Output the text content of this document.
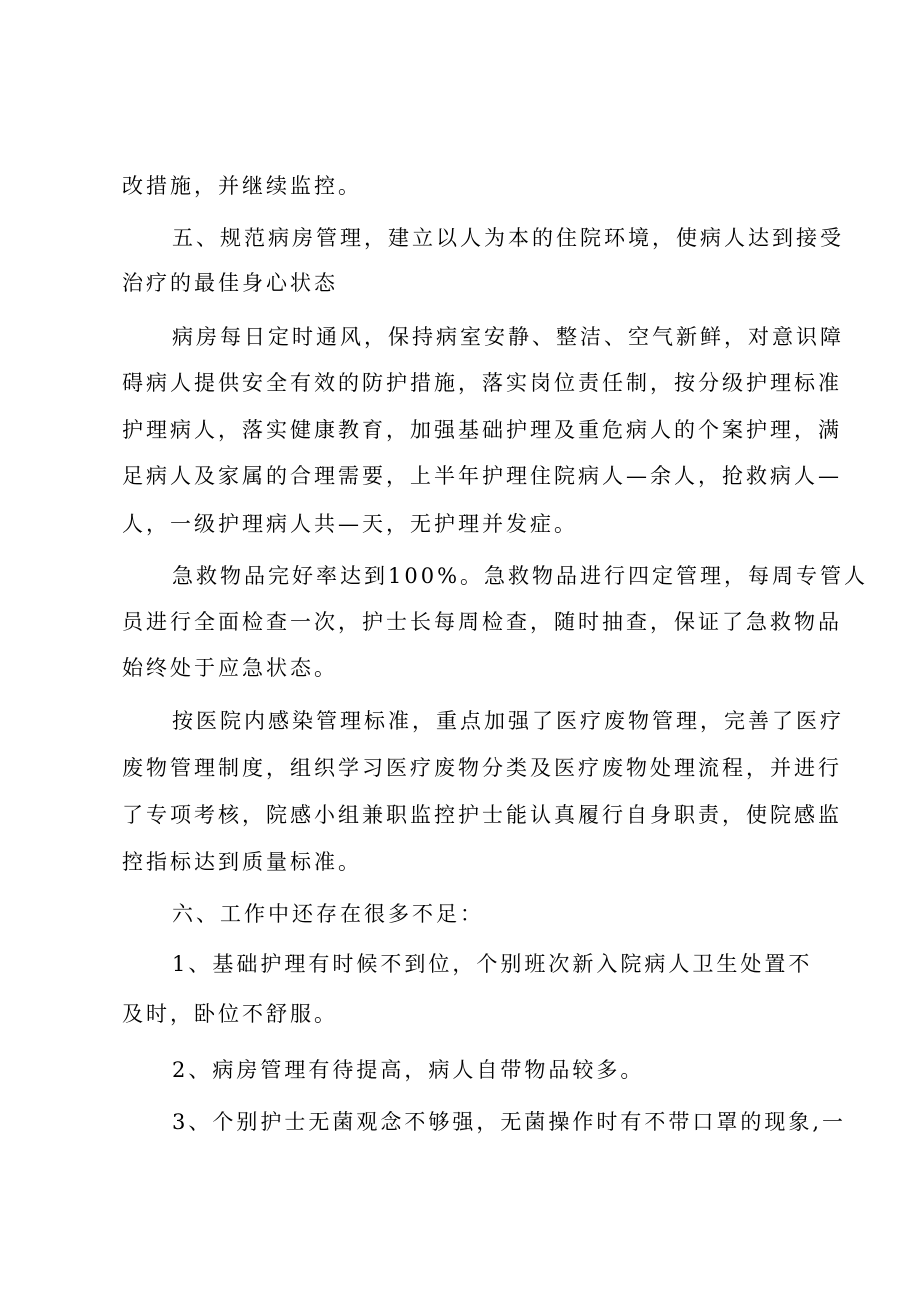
改措施，并继续监控。
五、规范病房管理，建立以人为本的住院环境，使病人达到接受
治疗的最佳身心状态
病房每日定时通风，保持病室安静、整洁、空气新鲜，对意识障
碍病人提供安全有效的防护措施，落实岗位责任制，按分级护理标准
护理病人，落实健康教育，加强基础护理及重危病人的个案护理，满
足病人及家属的合理需要，上半年护理住院病人—余人，抢救病人—
人，一级护理病人共—天，无护理并发症。
急救物品完好率达到100%。急救物品进行四定管理，每周专管人
员进行全面检查一次，护士长每周检查，随时抽查，保证了急救物品
始终处于应急状态。
按医院内感染管理标准，重点加强了医疗废物管理，完善了医疗
废物管理制度，组织学习医疗废物分类及医疗废物处理流程，并进行
了专项考核，院感小组兼职监控护士能认真履行自身职责，使院感监
控指标达到质量标准。
六、工作中还存在很多不足：
1、基础护理有时候不到位，个别班次新入院病人卫生处置不
及时，卧位不舒服。
2、病房管理有待提高，病人自带物品较多。
3、个别护士无菌观念不够强，无菌操作时有不带口罩的现象,一
